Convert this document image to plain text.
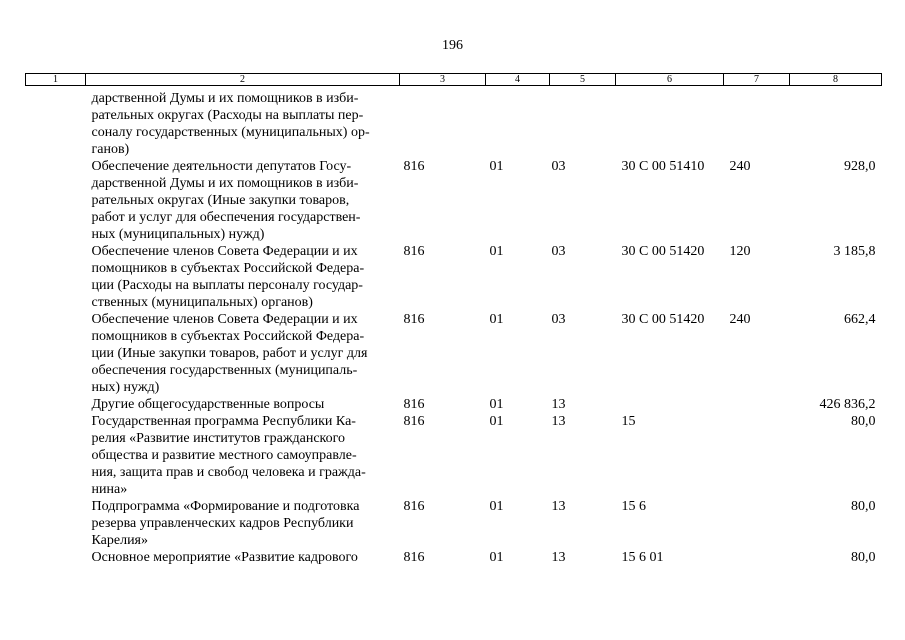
196
1	2	3	4	5	6	7	8

	дарственной Думы и их помощников в изби-
рательных округах (Расходы на выплаты пер-
соналу государственных (муниципальных) ор-
ганов)						

	Обеспечение деятельности депутатов Госу-
дарственной Думы и их помощников в изби-
рательных округах (Иные закупки товаров,
работ и услуг для обеспечения государствен-
ных (муниципальных) нужд)	816	01	03	30 С 00 51410	240	928,0

	Обеспечение членов Совета Федерации и их
помощников в субъектах Российской Федера-
ции (Расходы на выплаты персоналу государ-
ственных (муниципальных) органов)	816	01	03	30 С 00 51420	120	3 185,8

	Обеспечение членов Совета Федерации и их
помощников в субъектах Российской Федера-
ции (Иные закупки товаров, работ и услуг для
обеспечения государственных (муниципаль-
ных) нужд)	816	01	03	30 С 00 51420	240	662,4

	Другие общегосударственные вопросы	816	01	13			426 836,2

	Государственная программа Республики Ка-
релия «Развитие институтов гражданского
общества и развитие местного самоуправле-
ния, защита прав и свобод человека и гражда-
нина»	816	01	13	15		80,0

	Подпрограмма «Формирование и подготовка
резерва управленческих кадров Республики
Карелия»	816	01	13	15 6		80,0

	Основное мероприятие «Развитие кадрового	816	01	13	15 6 01		80,0
